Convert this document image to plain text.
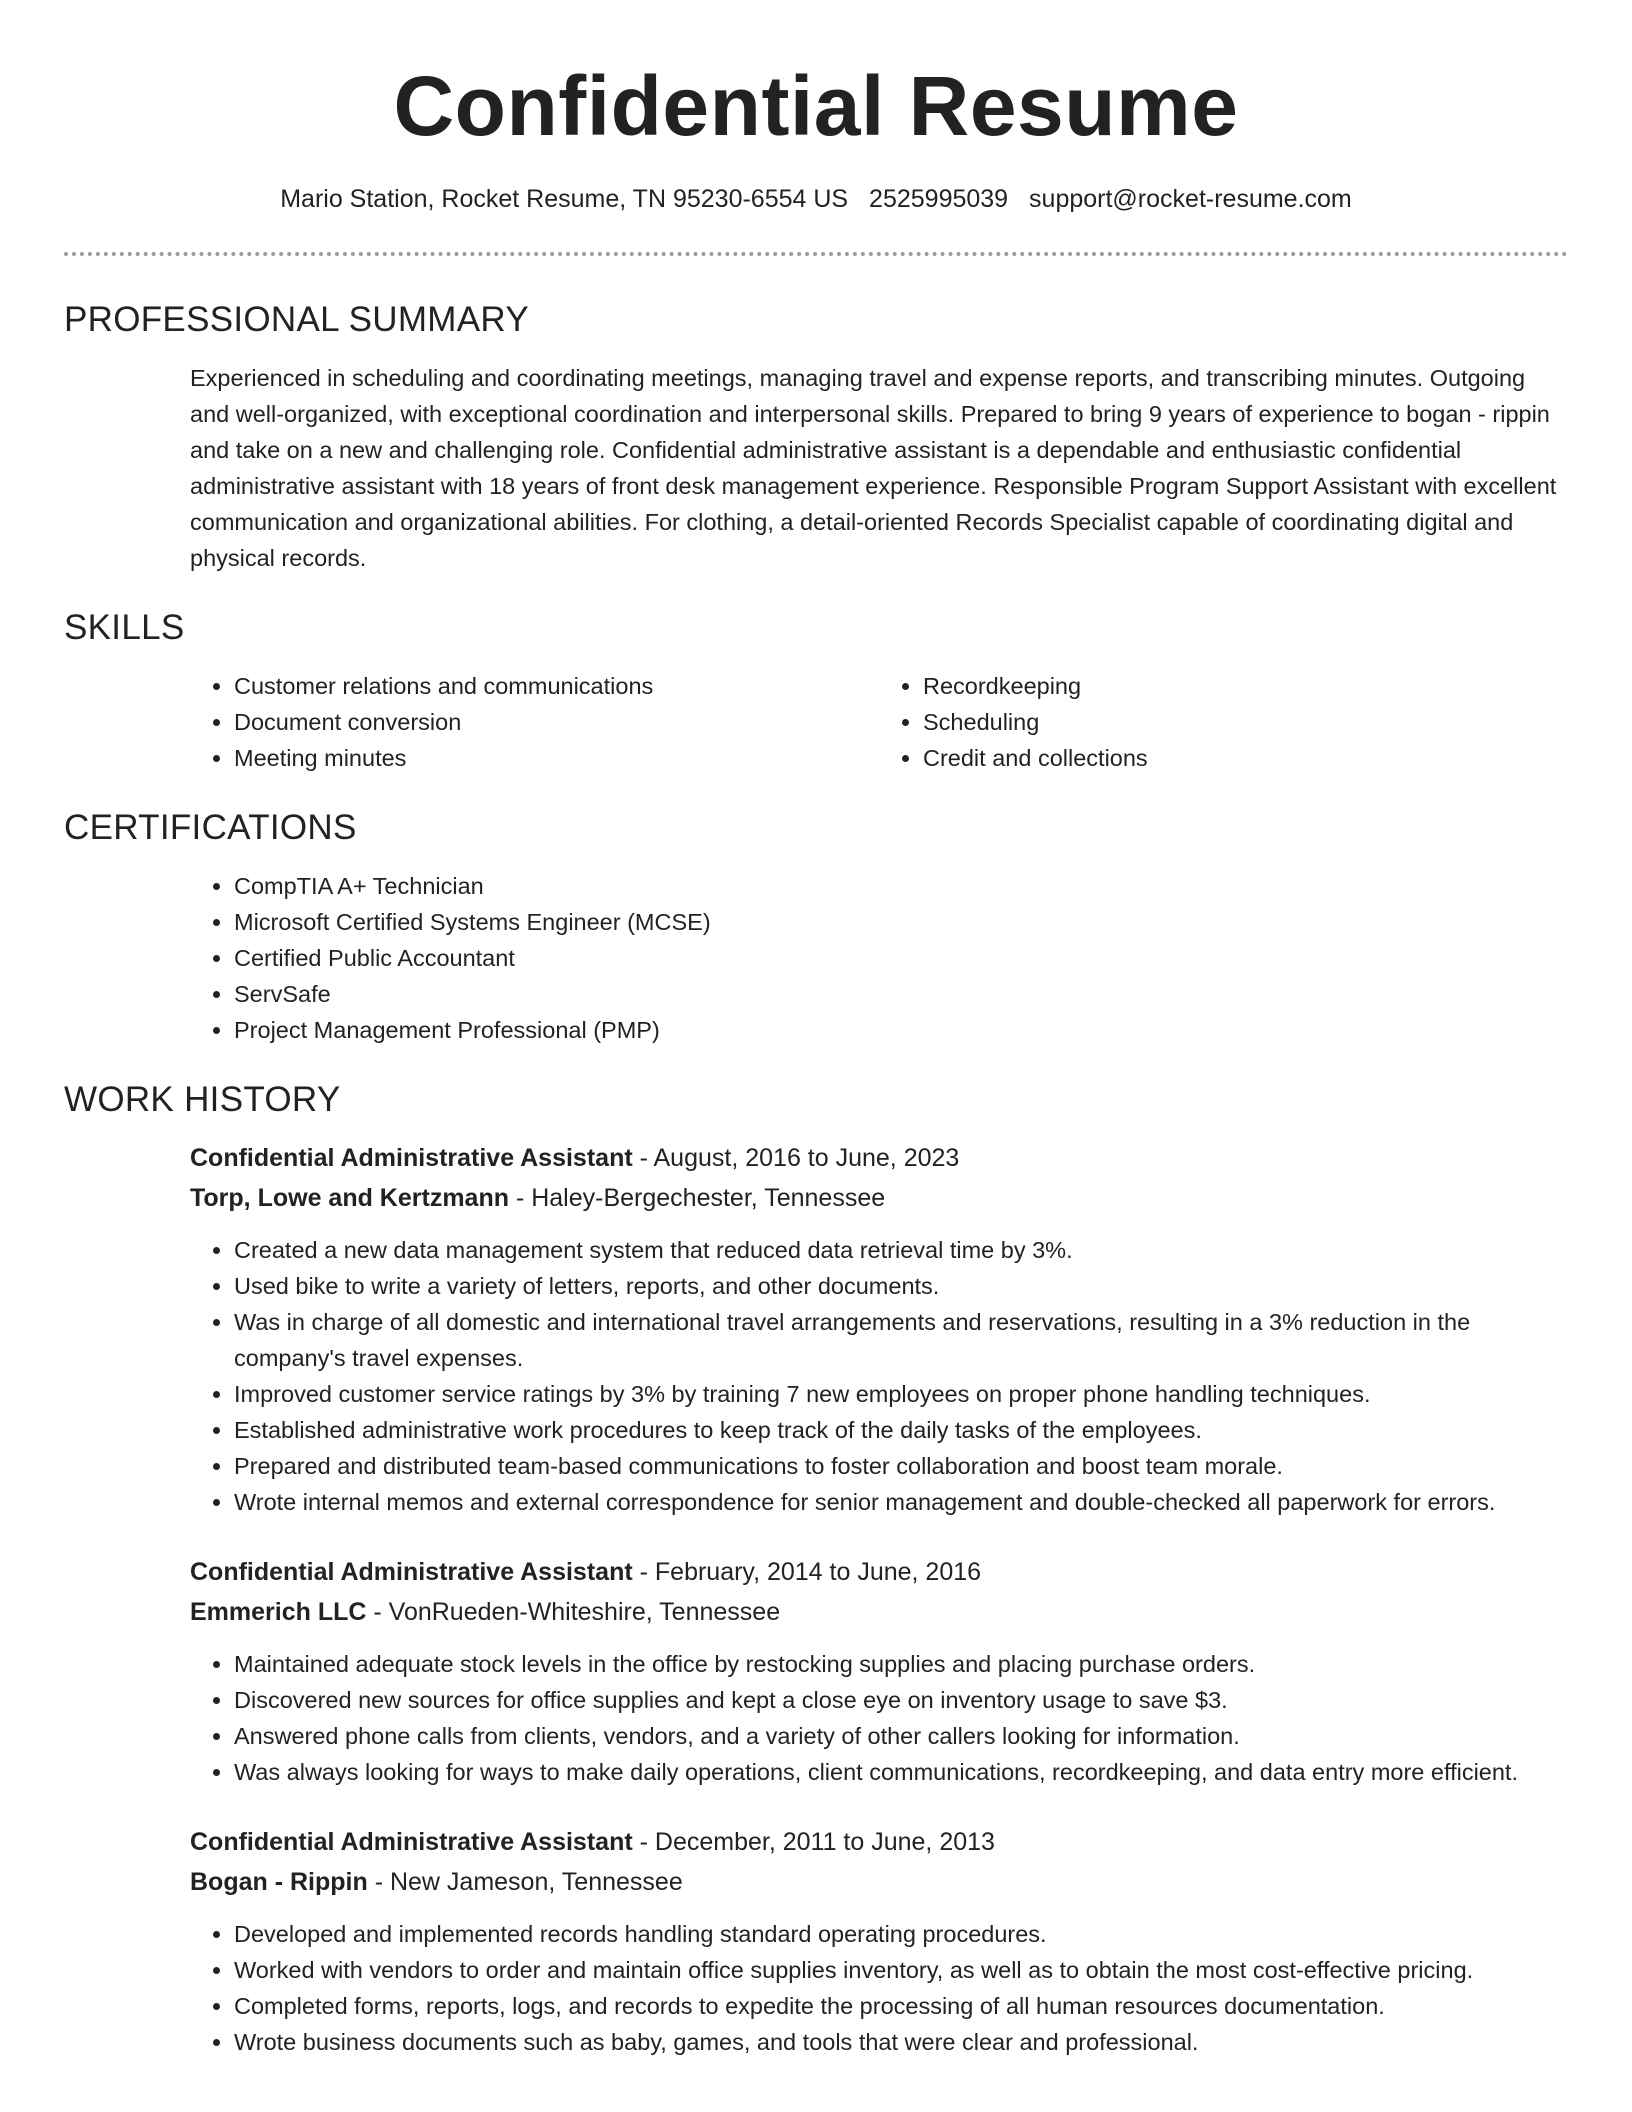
Confidential Resume
Mario Station, Rocket Resume, TN 95230-6554 US 2525995039 support@rocket-resume.com
PROFESSIONAL SUMMARY
Experienced in scheduling and coordinating meetings, managing travel and expense reports, and transcribing minutes. Outgoing and well-organized, with exceptional coordination and interpersonal skills. Prepared to bring 9 years of experience to bogan - rippin and take on a new and challenging role. Confidential administrative assistant is a dependable and enthusiastic confidential administrative assistant with 18 years of front desk management experience. Responsible Program Support Assistant with excellent communication and organizational abilities. For clothing, a detail-oriented Records Specialist capable of coordinating digital and physical records.
SKILLS
• Customer relations and communications
• Document conversion
• Meeting minutes
• Recordkeeping
• Scheduling
• Credit and collections
CERTIFICATIONS
• CompTIA A+ Technician
• Microsoft Certified Systems Engineer (MCSE)
• Certified Public Accountant
• ServSafe
• Project Management Professional (PMP)
WORK HISTORY
Confidential Administrative Assistant - August, 2016 to June, 2023
Torp, Lowe and Kertzmann - Haley-Bergechester, Tennessee
• Created a new data management system that reduced data retrieval time by 3%.
• Used bike to write a variety of letters, reports, and other documents.
• Was in charge of all domestic and international travel arrangements and reservations, resulting in a 3% reduction in the company's travel expenses.
• Improved customer service ratings by 3% by training 7 new employees on proper phone handling techniques.
• Established administrative work procedures to keep track of the daily tasks of the employees.
• Prepared and distributed team-based communications to foster collaboration and boost team morale.
• Wrote internal memos and external correspondence for senior management and double-checked all paperwork for errors.
Confidential Administrative Assistant - February, 2014 to June, 2016
Emmerich LLC - VonRueden-Whiteshire, Tennessee
• Maintained adequate stock levels in the office by restocking supplies and placing purchase orders.
• Discovered new sources for office supplies and kept a close eye on inventory usage to save $3.
• Answered phone calls from clients, vendors, and a variety of other callers looking for information.
• Was always looking for ways to make daily operations, client communications, recordkeeping, and data entry more efficient.
Confidential Administrative Assistant - December, 2011 to June, 2013
Bogan - Rippin - New Jameson, Tennessee
• Developed and implemented records handling standard operating procedures.
• Worked with vendors to order and maintain office supplies inventory, as well as to obtain the most cost-effective pricing.
• Completed forms, reports, logs, and records to expedite the processing of all human resources documentation.
• Wrote business documents such as baby, games, and tools that were clear and professional.
